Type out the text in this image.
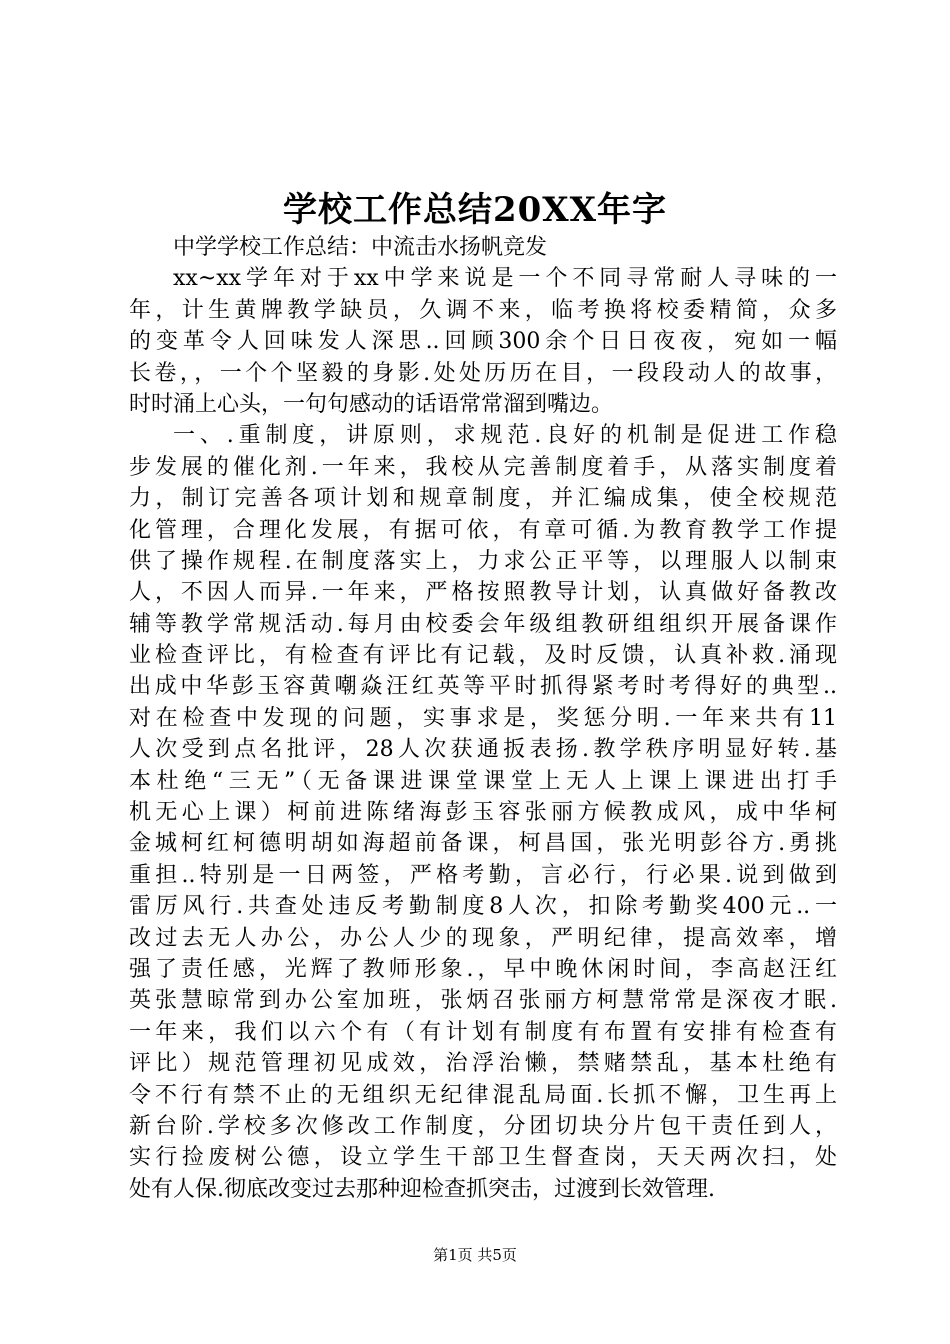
学校工作总结20XX年字
中学学校工作总结：中流击水扬帆竞发
xx~xx学年对于xx中学来说是一个不同寻常耐人寻味的一
年，计生黄牌教学缺员，久调不来，临考换将校委精简，众多
的变革令人回味发人深思..回顾300余个日日夜夜，宛如一幅
长卷，，一个个坚毅的身影.处处历历在目，一段段动人的故事，
时时涌上心头，一句句感动的话语常常溜到嘴边。
一、.重制度，讲原则，求规范.良好的机制是促进工作稳
步发展的催化剂.一年来，我校从完善制度着手，从落实制度着
力，制订完善各项计划和规章制度，并汇编成集，使全校规范
化管理，合理化发展，有据可依，有章可循.为教育教学工作提
供了操作规程.在制度落实上，力求公正平等，以理服人以制束
人，不因人而异.一年来，严格按照教导计划，认真做好备教改
辅等教学常规活动.每月由校委会年级组教研组组织开展备课作
业检查评比，有检查有评比有记载，及时反馈，认真补救.涌现
出成中华彭玉容黄嘲焱汪红英等平时抓得紧考时考得好的典型..
对在检查中发现的问题，实事求是，奖惩分明.一年来共有11
人次受到点名批评，28人次获通扳表扬.教学秩序明显好转.基
本杜绝“三无”（无备课进课堂课堂上无人上课上课进出打手
机无心上课）柯前进陈绪海彭玉容张丽方候教成风，成中华柯
金城柯红柯德明胡如海超前备课，柯昌国，张光明彭谷方.勇挑
重担..特别是一日两签，严格考勤，言必行，行必果.说到做到
雷厉风行.共查处违反考勤制度8人次，扣除考勤奖400元..一
改过去无人办公，办公人少的现象，严明纪律，提高效率，增
强了责任感，光辉了教师形象.，早中晚休闲时间，李高赵汪红
英张慧晾常到办公室加班，张炳召张丽方柯慧常常是深夜才眠.
一年来，我们以六个有（有计划有制度有布置有安排有检查有
评比）规范管理初见成效，治浮治懒，禁赌禁乱，基本杜绝有
令不行有禁不止的无组织无纪律混乱局面.长抓不懈，卫生再上
新台阶.学校多次修改工作制度，分团切块分片包干责任到人，
实行捡废树公德，设立学生干部卫生督查岗，天天两次扫，处
处有人保.彻底改变过去那种迎检查抓突击，过渡到长效管理.
第1页 共5页
